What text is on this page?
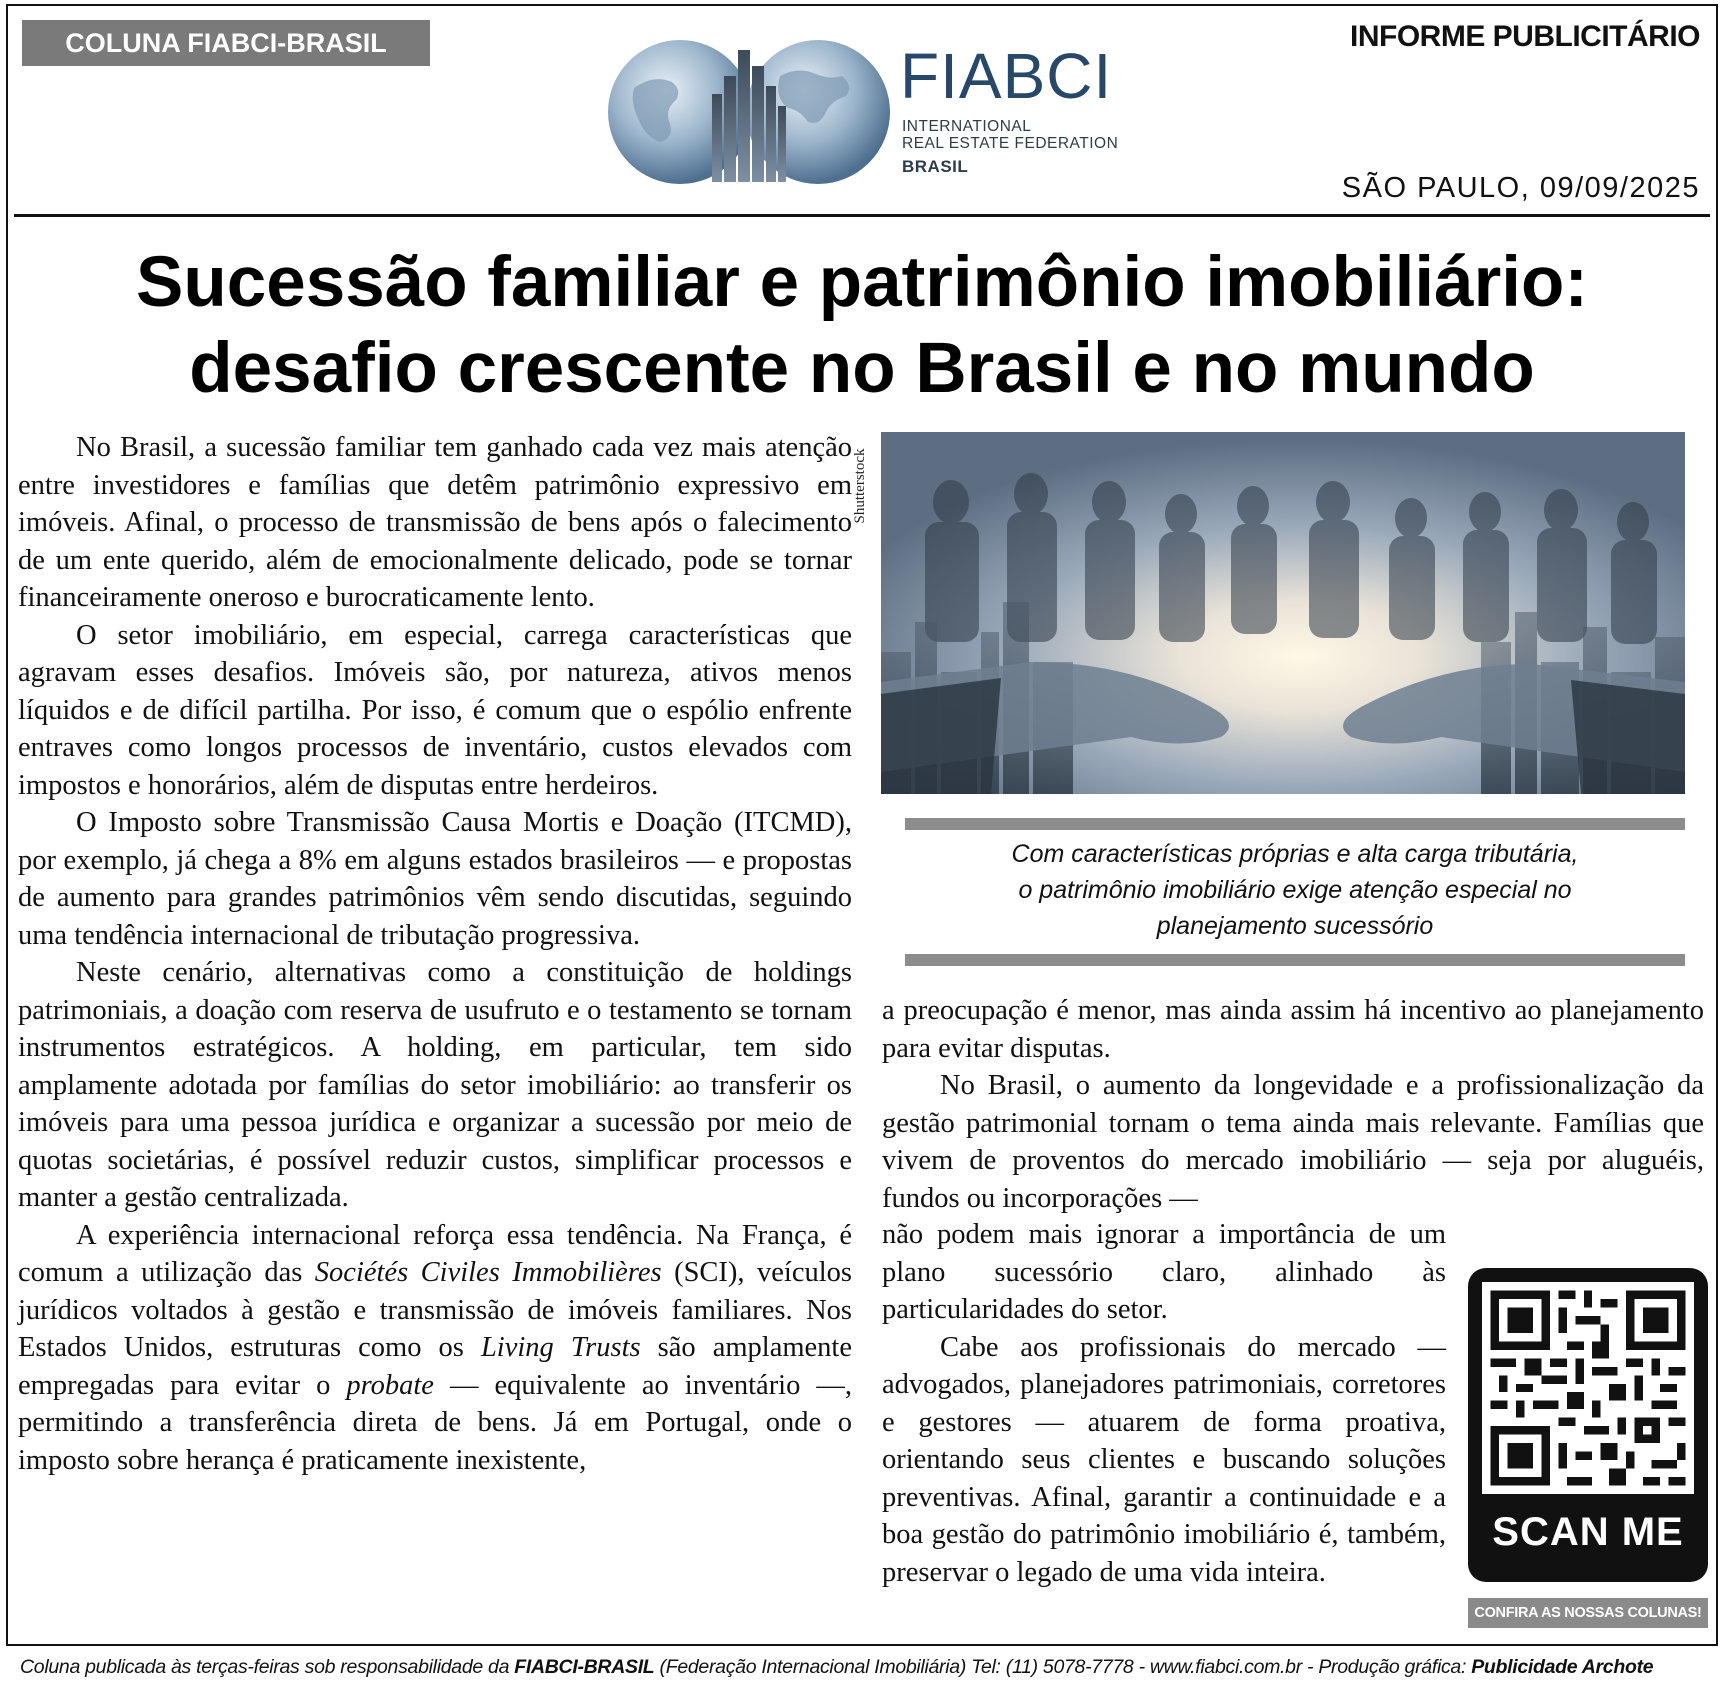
COLUNA FIABCI-BRASIL	INFORME PUBLICITÁRIO
FIABCI
INTERNATIONAL
REAL ESTATE FEDERATION
BRASIL
SÃO PAULO, 09/09/2025
Sucessão familiar e patrimônio imobiliário:
desafio crescente no Brasil e no mundo

No Brasil, a sucessão familiar tem ganhado cada vez mais atenção entre investidores e famílias que detêm patrimônio expressivo em imóveis. Afinal, o processo de transmissão de bens após o falecimento de um ente querido, além de emocionalmente delicado, pode se tornar financeiramente oneroso e burocraticamente lento.

O setor imobiliário, em especial, carrega características que agravam esses desafios. Imóveis são, por natureza, ativos menos líquidos e de difícil partilha. Por isso, é comum que o espólio enfrente entraves como longos processos de inventário, custos elevados com impostos e honorários, além de disputas entre herdeiros.

O Imposto sobre Transmissão Causa Mortis e Doação (ITCMD), por exemplo, já chega a 8% em alguns estados brasileiros — e propostas de aumento para grandes patrimônios vêm sendo discutidas, seguindo uma tendência internacional de tributação progressiva.

Neste cenário, alternativas como a constituição de holdings patrimoniais, a doação com reserva de usufruto e o testamento se tornam instrumentos estratégicos. A holding, em particular, tem sido amplamente adotada por famílias do setor imobiliário: ao transferir os imóveis para uma pessoa jurídica e organizar a sucessão por meio de quotas societárias, é possível reduzir custos, simplificar processos e manter a gestão centralizada.

A experiência internacional reforça essa tendência. Na França, é comum a utilização das Sociétés Civiles Immobilières (SCI), veículos jurídicos voltados à gestão e transmissão de imóveis familiares. Nos Estados Unidos, estruturas como os Living Trusts são amplamente empregadas para evitar o probate — equivalente ao inventário —, permitindo a transferência direta de bens. Já em Portugal, onde o imposto sobre herança é praticamente inexistente,

Shutterstock
Com características próprias e alta carga tributária,
o patrimônio imobiliário exige atenção especial no
planejamento sucessório

a preocupação é menor, mas ainda assim há incentivo ao planejamento para evitar disputas.

No Brasil, o aumento da longevidade e a profissionalização da gestão patrimonial tornam o tema ainda mais relevante. Famílias que vivem de proventos do mercado imobiliário — seja por aluguéis, fundos ou incorporações —

não podem mais ignorar a importância de um plano sucessório claro, alinhado às particularidades do setor.

Cabe aos profissionais do mercado — advogados, planejadores patrimoniais, corretores e gestores — atuarem de forma proativa, orientando seus clientes e buscando soluções preventivas. Afinal, garantir a continuidade e a boa gestão do patrimônio imobiliário é, também, preservar o legado de uma vida inteira.

SCAN ME
CONFIRA AS NOSSAS COLUNAS!
Coluna publicada às terças-feiras sob responsabilidade da FIABCI-BRASIL (Federação Internacional Imobiliária) Tel: (11) 5078-7778 - www.fiabci.com.br - Produção gráfica: Publicidade Archote
